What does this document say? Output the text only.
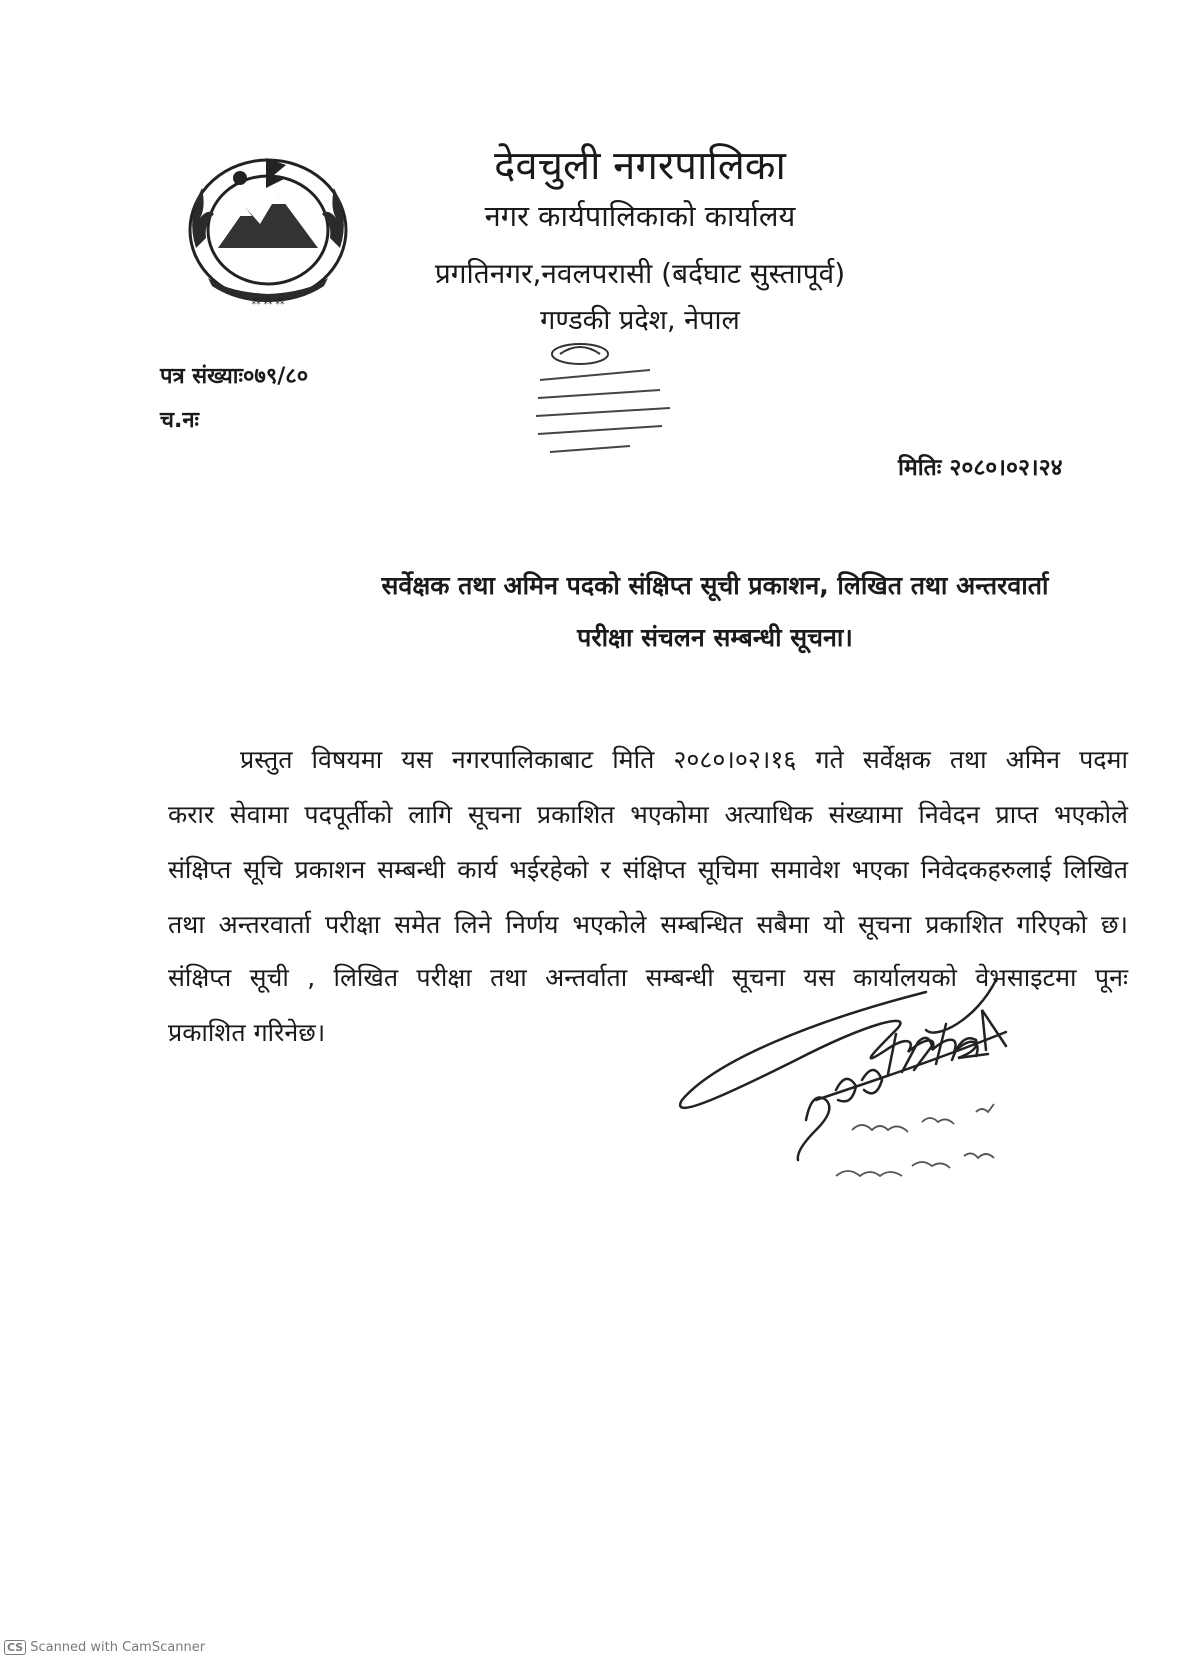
⁂ ⁂ ⁂
देवचुली नगरपालिका
नगर कार्यपालिकाको कार्यालय
प्रगतिनगर,नवलपरासी (बर्दघाट सुस्तापूर्व)
गण्डकी प्रदेश, नेपाल
पत्र संख्याः०७९/८०
च.नः
मितिः २०८०।०२।२४
सर्वेक्षक तथा अमिन पदको संक्षिप्त सूची प्रकाशन, लिखित तथा अन्तरवार्ता
परीक्षा संचलन सम्बन्धी सूचना।
प्रस्तुत विषयमा यस नगरपालिकाबाट मिति २०८०।०२।१६ गते सर्वेक्षक तथा अमिन पदमा
करार सेवामा पदपूर्तीको लागि सूचना प्रकाशित भएकोमा अत्याधिक संख्यामा निवेदन प्राप्त भएकोले
संक्षिप्त सूचि प्रकाशन सम्बन्धी कार्य भईरहेको र संक्षिप्त सूचिमा समावेश भएका निवेदकहरुलाई लिखित
तथा अन्तरवार्ता परीक्षा समेत लिने निर्णय भएकोले सम्बन्धित सबैमा यो सूचना प्रकाशित गरिएको छ।
संक्षिप्त सूची , लिखित परीक्षा तथा अन्तर्वाता सम्बन्धी सूचना यस कार्यालयको वेभसाइटमा पूनः
प्रकाशित गरिनेछ।
CS Scanned with CamScanner
